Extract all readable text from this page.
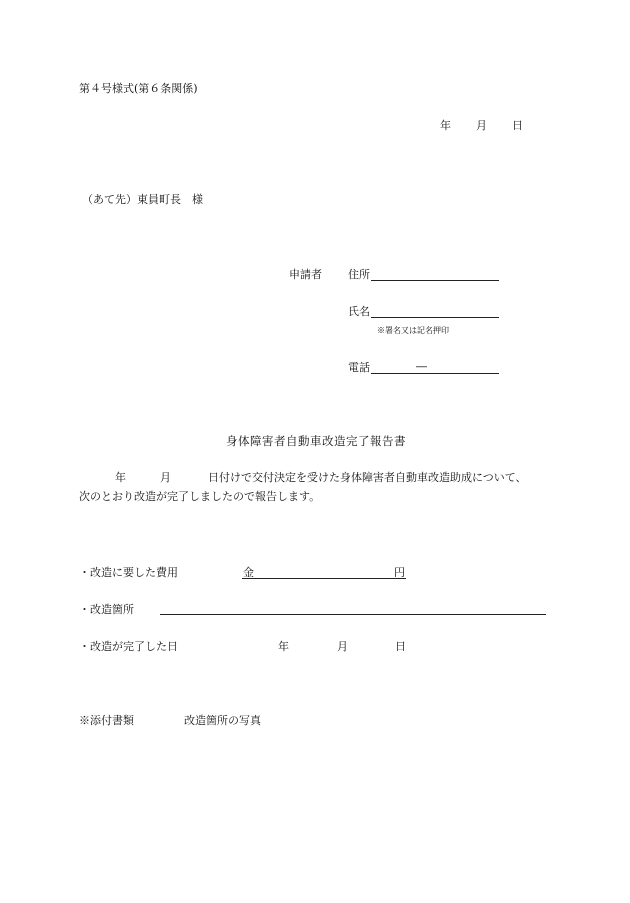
第４号様式(第６条関係)
年 月 日
（あて先）東員町長　様
申請者 住所
氏名
※署名又は記名押印
電話	―
身体障害者自動車改造完了報告書
年	月	日付けで交付決定を受けた身体障害者自動車改造助成について、
次のとおり改造が完了しましたので報告します。
・改造に要した費用	金	円
・改造箇所
・改造が完了した日	年	月	日
※添付書類	改造箇所の写真
